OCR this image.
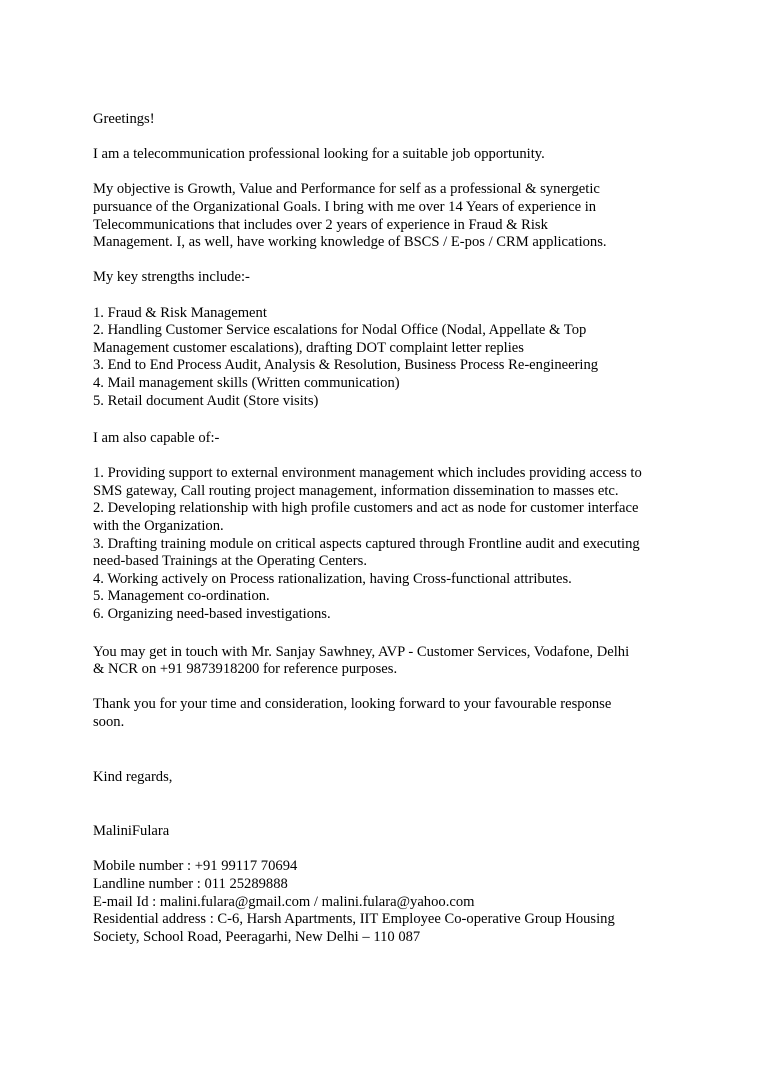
Greetings!

I am a telecommunication professional looking for a suitable job opportunity.

My objective is Growth, Value and Performance for self as a professional & synergetic
pursuance of the Organizational Goals. I bring with me over 14 Years of experience in
Telecommunications that includes over 2 years of experience in Fraud & Risk
Management. I, as well, have working knowledge of BSCS / E-pos / CRM applications.

My key strengths include:-

1. Fraud & Risk Management
2. Handling Customer Service escalations for Nodal Office (Nodal, Appellate & Top
Management customer escalations), drafting DOT complaint letter replies
3. End to End Process Audit, Analysis & Resolution, Business Process Re-engineering
4. Mail management skills (Written communication)
5. Retail document Audit (Store visits)

I am also capable of:-

1. Providing support to external environment management which includes providing access to
SMS gateway, Call routing project management, information dissemination to masses etc.
2. Developing relationship with high profile customers and act as node for customer interface
with the Organization.
3. Drafting training module on critical aspects captured through Frontline audit and executing
need-based Trainings at the Operating Centers.
4. Working actively on Process rationalization, having Cross-functional attributes.
5. Management co-ordination.
6. Organizing need-based investigations.

You may get in touch with Mr. Sanjay Sawhney, AVP - Customer Services, Vodafone, Delhi
& NCR on +91 9873918200 for reference purposes.

Thank you for your time and consideration, looking forward to your favourable response
soon.

Kind regards,

MaliniFulara

Mobile number : +91 99117 70694
Landline number : 011 25289888
E-mail Id : malini.fulara@gmail.com / malini.fulara@yahoo.com
Residential address : C-6, Harsh Apartments, IIT Employee Co-operative Group Housing
Society, School Road, Peeragarhi, New Delhi – 110 087
